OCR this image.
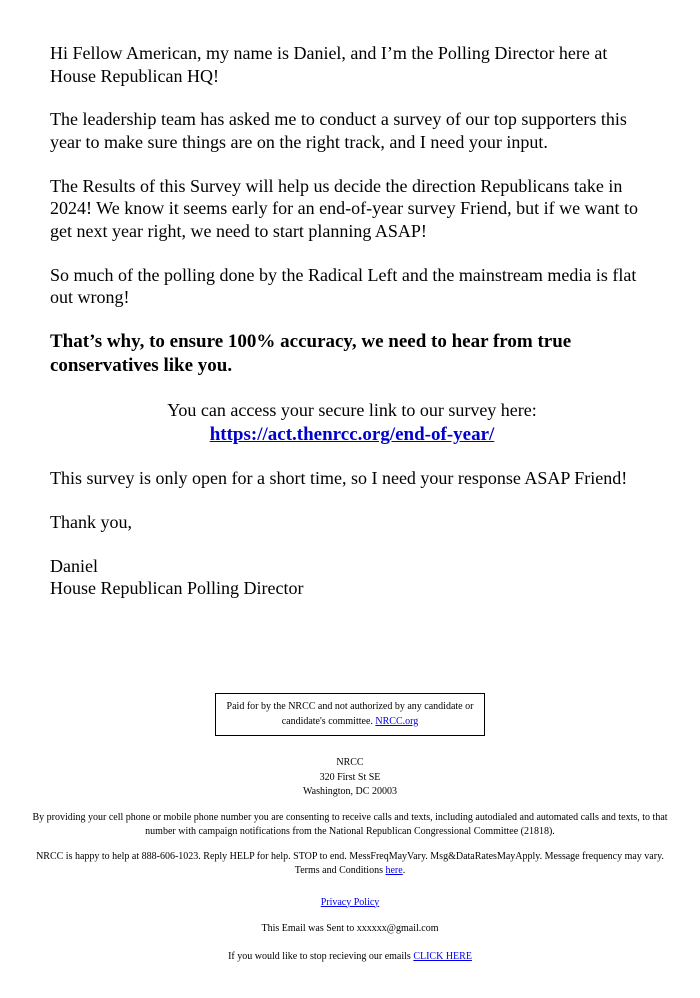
Hi Fellow American, my name is Daniel, and I’m the Polling Director here at House Republican HQ!

The leadership team has asked me to conduct a survey of our top supporters this year to make sure things are on the right track, and I need your input.

The Results of this Survey will help us decide the direction Republicans take in 2024! We know it seems early for an end-of-year survey Friend, but if we want to get next year right, we need to start planning ASAP!

So much of the polling done by the Radical Left and the mainstream media is flat out wrong!

That’s why, to ensure 100% accuracy, we need to hear from true conservatives like you.

You can access your secure link to our survey here:
https://act.thenrcc.org/end-of-year/

This survey is only open for a short time, so I need your response ASAP Friend!

Thank you,

Daniel
House Republican Polling Director
Paid for by the NRCC and not authorized by any candidate or candidate's committee. NRCC.org
NRCC
320 First St SE
Washington, DC 20003

By providing your cell phone or mobile phone number you are consenting to receive calls and texts, including autodialed and automated calls and texts, to that number with campaign notifications from the National Republican Congressional Committee (21818).

NRCC is happy to help at 888-606-1023. Reply HELP for help. STOP to end. MessFreqMayVary. Msg&DataRatesMayApply. Message frequency may vary. Terms and Conditions here.

Privacy Policy
This Email was Sent to xxxxxx@gmail.com
If you would like to stop recieving our emails CLICK HERE
